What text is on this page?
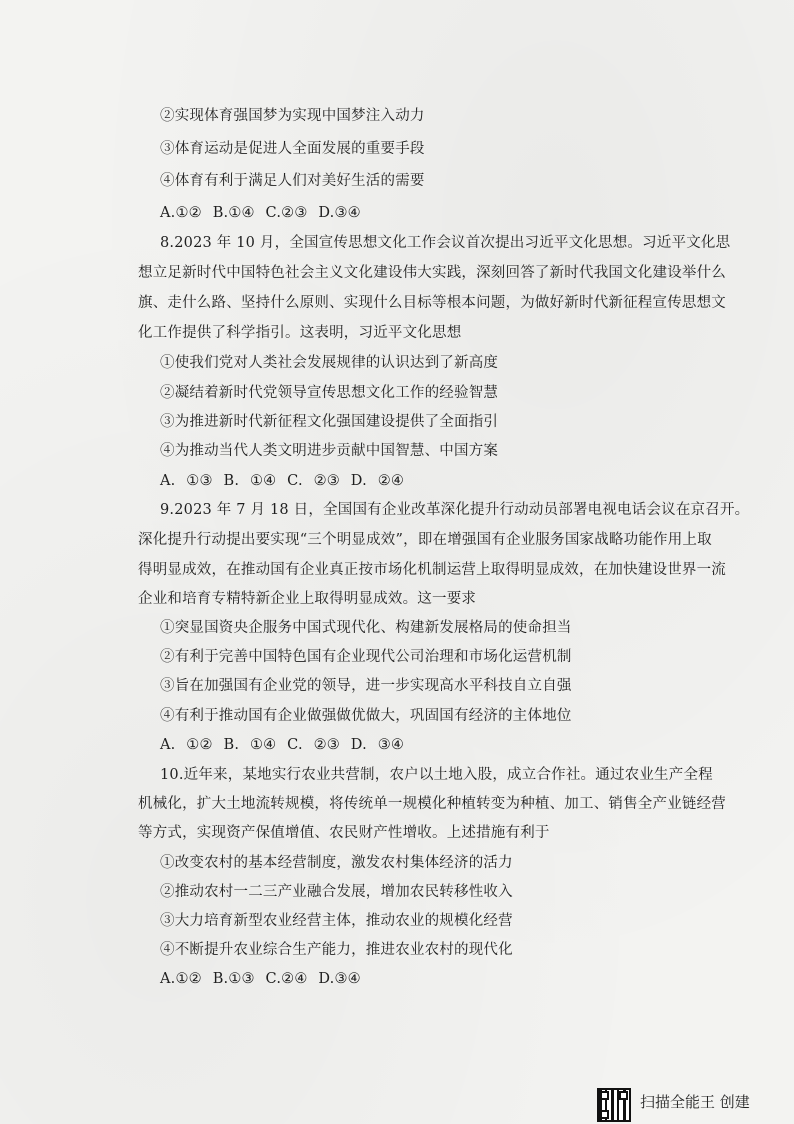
②实现体育强国梦为实现中国梦注入动力
③体育运动是促进人全面发展的重要手段
④体育有利于满足人们对美好生活的需要
A.①② B.①④ C.②③ D.③④
8.2023 年 10 月，全国宣传思想文化工作会议首次提出习近平文化思想。习近平文化思
想立足新时代中国特色社会主义文化建设伟大实践，深刻回答了新时代我国文化建设举什么
旗、走什么路、坚持什么原则、实现什么目标等根本问题，为做好新时代新征程宣传思想文
化工作提供了科学指引。这表明，习近平文化思想
①使我们党对人类社会发展规律的认识达到了新高度
②凝结着新时代党领导宣传思想文化工作的经验智慧
③为推进新时代新征程文化强国建设提供了全面指引
④为推动当代人类文明进步贡献中国智慧、中国方案
A. ①③ B. ①④ C. ②③ D. ②④
9.2023 年 7 月 18 日，全国国有企业改革深化提升行动动员部署电视电话会议在京召开。
深化提升行动提出要实现“三个明显成效”，即在增强国有企业服务国家战略功能作用上取
得明显成效，在推动国有企业真正按市场化机制运营上取得明显成效，在加快建设世界一流
企业和培育专精特新企业上取得明显成效。这一要求
①突显国资央企服务中国式现代化、构建新发展格局的使命担当
②有利于完善中国特色国有企业现代公司治理和市场化运营机制
③旨在加强国有企业党的领导，进一步实现高水平科技自立自强
④有利于推动国有企业做强做优做大，巩固国有经济的主体地位
A. ①② B. ①④ C. ②③ D. ③④
10.近年来，某地实行农业共营制，农户以土地入股，成立合作社。通过农业生产全程
机械化，扩大土地流转规模，将传统单一规模化种植转变为种植、加工、销售全产业链经营
等方式，实现资产保值增值、农民财产性增收。上述措施有利于
①改变农村的基本经营制度，激发农村集体经济的活力
②推动农村一二三产业融合发展，增加农民转移性收入
③大力培育新型农业经营主体，推动农业的规模化经营
④不断提升农业综合生产能力，推进农业农村的现代化
A.①② B.①③ C.②④ D.③④
扫描全能王 创建
